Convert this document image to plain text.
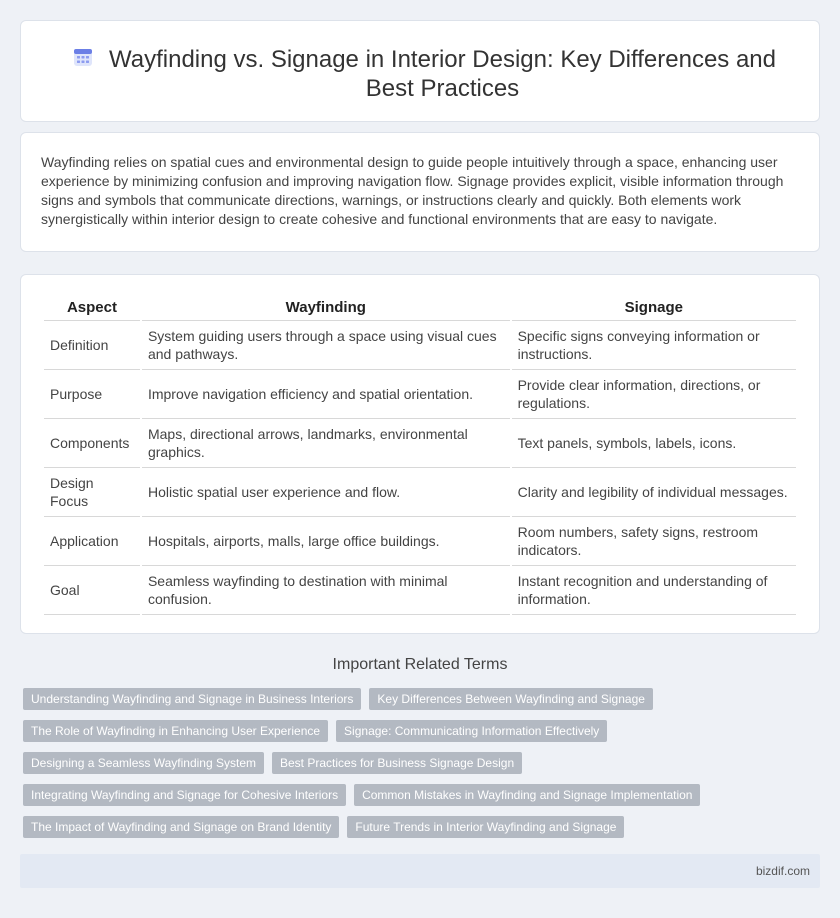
Wayfinding vs. Signage in Interior Design: Key Differences and Best Practices

Wayfinding relies on spatial cues and environmental design to guide people intuitively through a space, enhancing user experience by minimizing confusion and improving navigation flow. Signage provides explicit, visible information through signs and symbols that communicate directions, warnings, or instructions clearly and quickly. Both elements work synergistically within interior design to create cohesive and functional environments that are easy to navigate.

Aspect	Wayfinding	Signage
Definition	System guiding users through a space using visual cues and pathways.	Specific signs conveying information or instructions.
Purpose	Improve navigation efficiency and spatial orientation.	Provide clear information, directions, or regulations.
Components	Maps, directional arrows, landmarks, environmental graphics.	Text panels, symbols, labels, icons.
Design Focus	Holistic spatial user experience and flow.	Clarity and legibility of individual messages.
Application	Hospitals, airports, malls, large office buildings.	Room numbers, safety signs, restroom indicators.
Goal	Seamless wayfinding to destination with minimal confusion.	Instant recognition and understanding of information.
Important Related Terms
Understanding Wayfinding and Signage in Business Interiors	Key Differences Between Wayfinding and Signage
The Role of Wayfinding in Enhancing User Experience	Signage: Communicating Information Effectively
Designing a Seamless Wayfinding System	Best Practices for Business Signage Design
Integrating Wayfinding and Signage for Cohesive Interiors	Common Mistakes in Wayfinding and Signage Implementation
The Impact of Wayfinding and Signage on Brand Identity	Future Trends in Interior Wayfinding and Signage
bizdif.com
